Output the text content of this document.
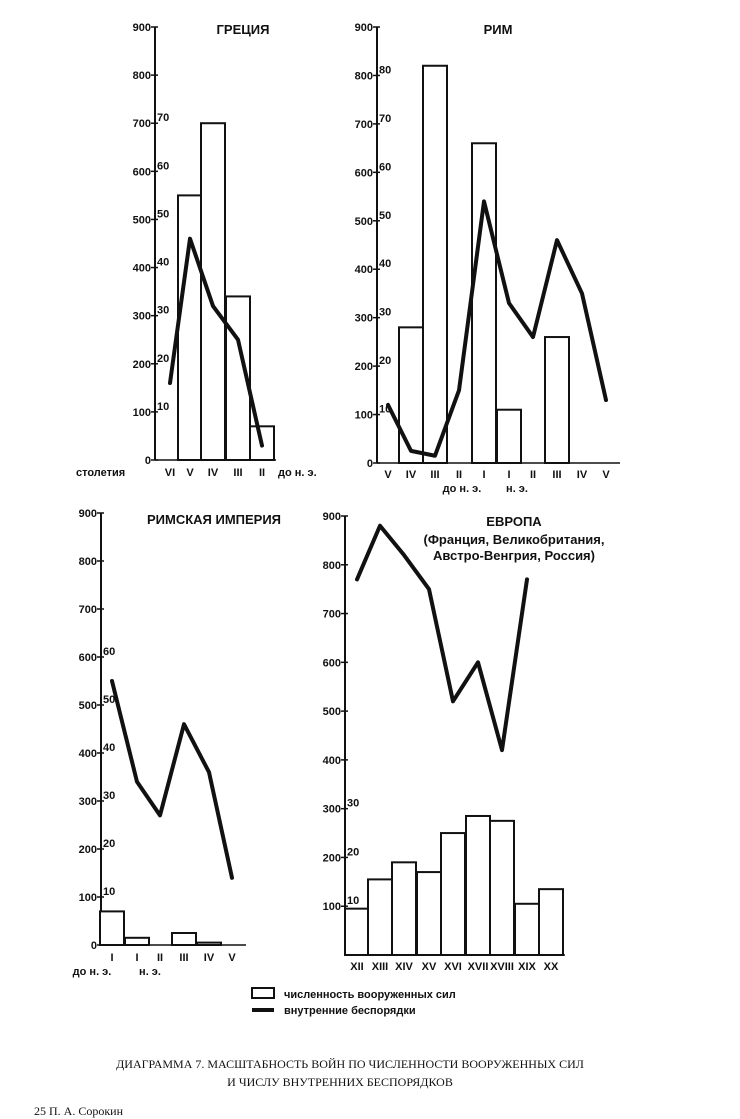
0
100
200
300
400
500
600
700
800
900
10
20
30
40
50
60
70
ГРЕЦИЯ
VI V IV III II
столетия	до н. э.
0
100
200
300
400
500
600
700
800
900
10
20
30
40
50
60
70
80
РИМ
V IV III II I I II III IV V
до н. э. н. э.
0
100
200
300
400
500
600
700
800
900
10
20
30
40
50
60
РИМСКАЯ ИМПЕРИЯ
I I II III IV V
до н. э.	н. э.
100
200
300
400
500
600
700
800
900
10
20
30
ЕВРОПА
(Франция, Великобритания,
Австро-Венгрия, Россия)
XII XIII XIV XV XVI XVII XVIII XIX XX
численность вооруженных сил
внутренние беспорядки
ДИАГРАММА 7. МАСШТАБНОСТЬ ВОЙН ПО ЧИСЛЕННОСТИ ВООРУЖЕННЫХ СИЛ
И ЧИСЛУ ВНУТРЕННИХ БЕСПОРЯДКОВ
25 П. А. Сорокин
